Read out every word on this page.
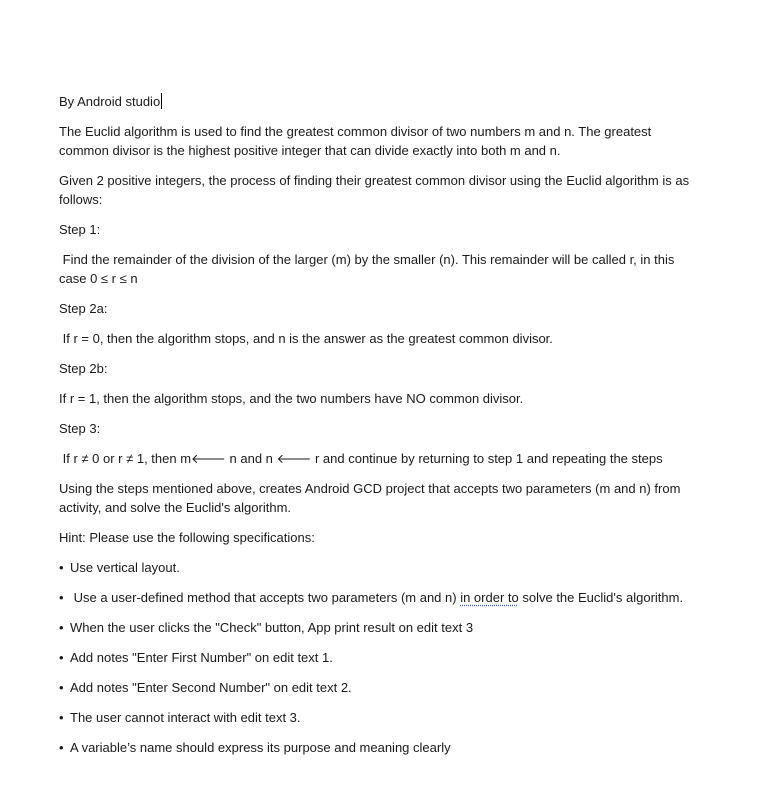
By Android studio

The Euclid algorithm is used to find the greatest common divisor of two numbers m and n. The greatest common divisor is the highest positive integer that can divide exactly into both m and n.

Given 2 positive integers, the process of finding their greatest common divisor using the Euclid algorithm is as follows:

Step 1:

Find the remainder of the division of the larger (m) by the smaller (n). This remainder will be called r, in this case 0 ≤ r ≤ n

Step 2a:

If r = 0, then the algorithm stops, and n is the answer as the greatest common divisor.

Step 2b:

If r = 1, then the algorithm stops, and the two numbers have NO common divisor.

Step 3:

If r ≠ 0 or r ≠ 1, then m🡐 n and n 🡐 r and continue by returning to step 1 and repeating the steps

Using the steps mentioned above, creates Android GCD project that accepts two parameters (m and n) from activity, and solve the Euclid's algorithm.

Hint: Please use the following specifications:

• Use vertical layout.

• Use a user-defined method that accepts two parameters (m and n) in order to solve the Euclid's algorithm.

• When the user clicks the "Check" button, App print result on edit text 3

• Add notes "Enter First Number" on edit text 1.

• Add notes "Enter Second Number" on edit text 2.

• The user cannot interact with edit text 3.

• A variable’s name should express its purpose and meaning clearly
